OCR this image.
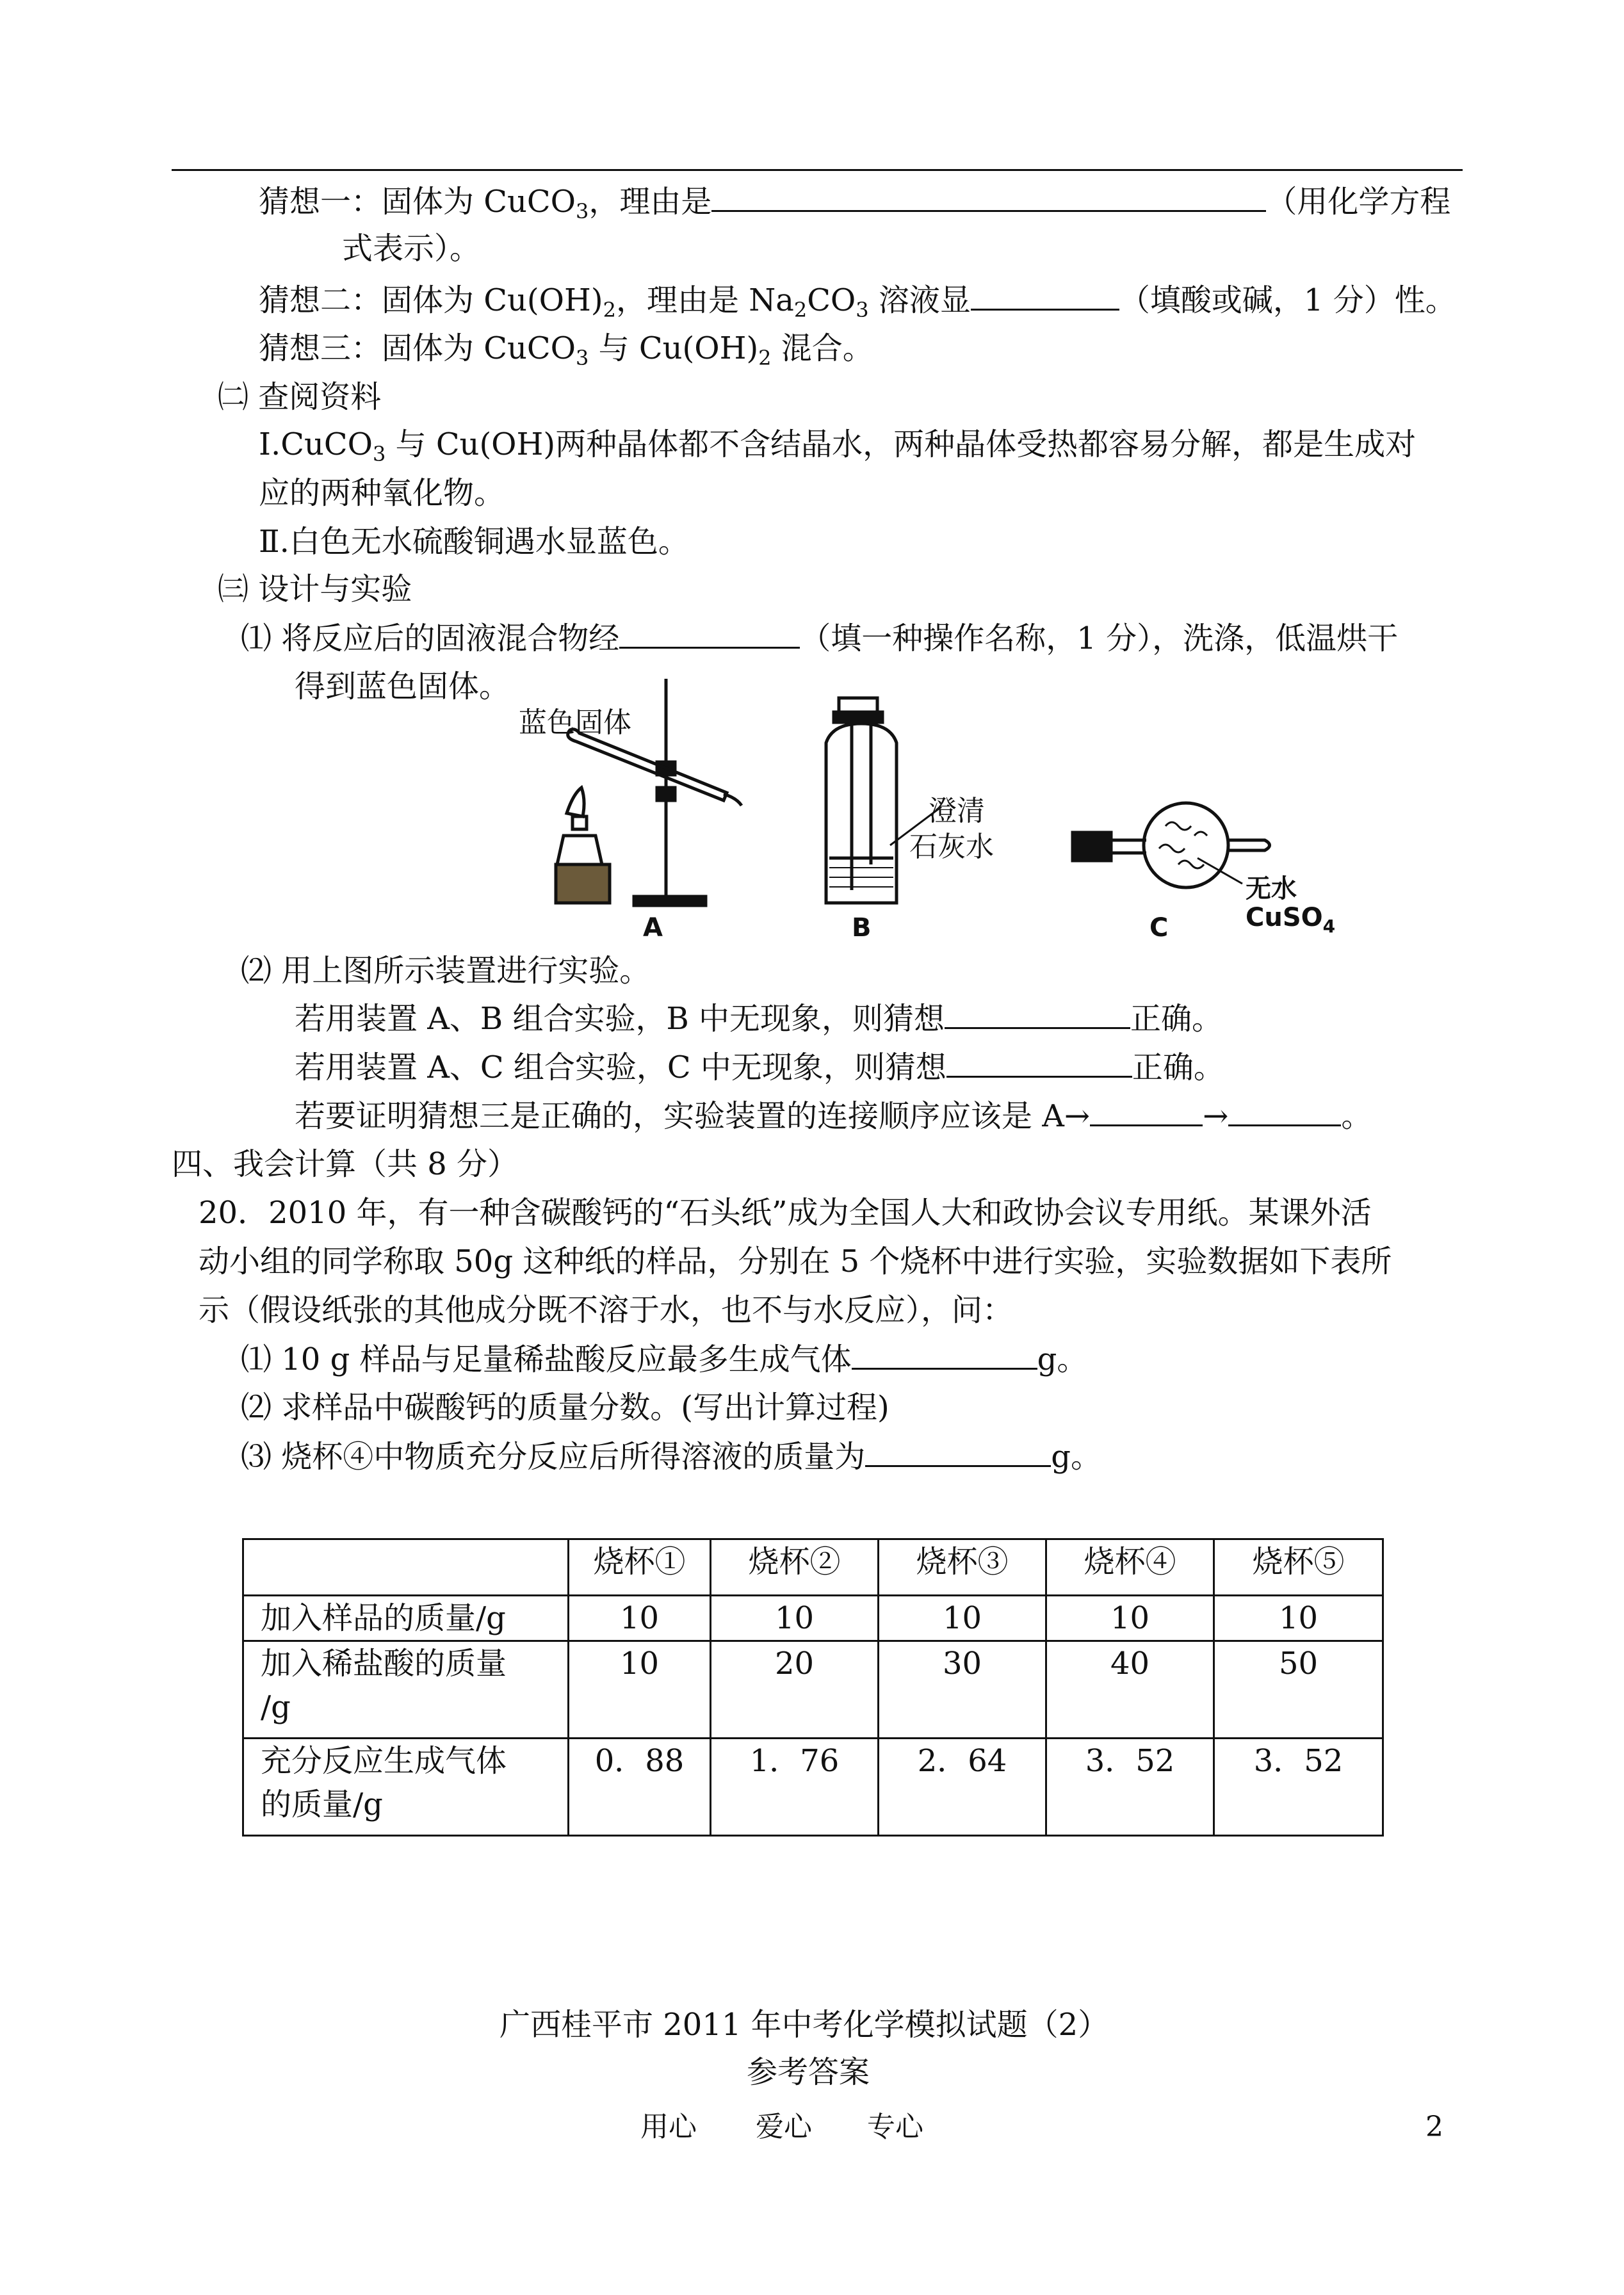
猜想一：固体为 CuCO$_3$，理由是	（用化学方程
式表示）。
猜想二：固体为 $Cu(OH)_2$，理由是 $Na_2CO_3$ 溶液显	（填酸或碱，1 分）性。
猜想三：固体为 CuCO$_3$ 与 $Cu(OH)_2$ 混合。
㈡ 查阅资料
Ⅰ.CuCO$_3$ 与 Cu(OH)两种晶体都不含结晶水，两种晶体受热都容易分解，都是生成对
应的两种氧化物。
Ⅱ.白色无水硫酸铜遇水显蓝色。
㈢ 设计与实验
⑴ 将反应后的固液混合物经	（填一种操作名称，1 分），洗涤，低温烘干
得到蓝色固体。
蓝色固体
澄清
石灰水
无水
CuSO$_4$
A	B	C
⑵ 用上图所示装置进行实验。
若用装置 A、B 组合实验，B 中无现象，则猜想	正确。
若用装置 A、C 组合实验，C 中无现象，则猜想	正确。
若要证明猜想三是正确的，实验装置的连接顺序应该是 A→	→	。
四、我会计算（共 8 分）
20．2010 年，有一种含碳酸钙的“石头纸”成为全国人大和政协会议专用纸。某课外活
动小组的同学称取 50g 这种纸的样品，分别在 5 个烧杯中进行实验，实验数据如下表所
示（假设纸张的其他成分既不溶于水，也不与水反应），问：
⑴ 10 g 样品与足量稀盐酸反应最多生成气体	g。
⑵ 求样品中碳酸钙的质量分数。(写出计算过程)
⑶ 烧杯④中物质充分反应后所得溶液的质量为	g。
	烧杯①	烧杯②	烧杯③	烧杯④	烧杯⑤
加入样品的质量/g	10	10	10	10	10
加入稀盐酸的质量
/g	10	20	30	40	50
充分反应生成气体
的质量/g	0．88	1．76	2．64	3．52	3．52
广西桂平市 2011 年中考化学模拟试题（2）
参考答案
用心 爱心 专心	2
